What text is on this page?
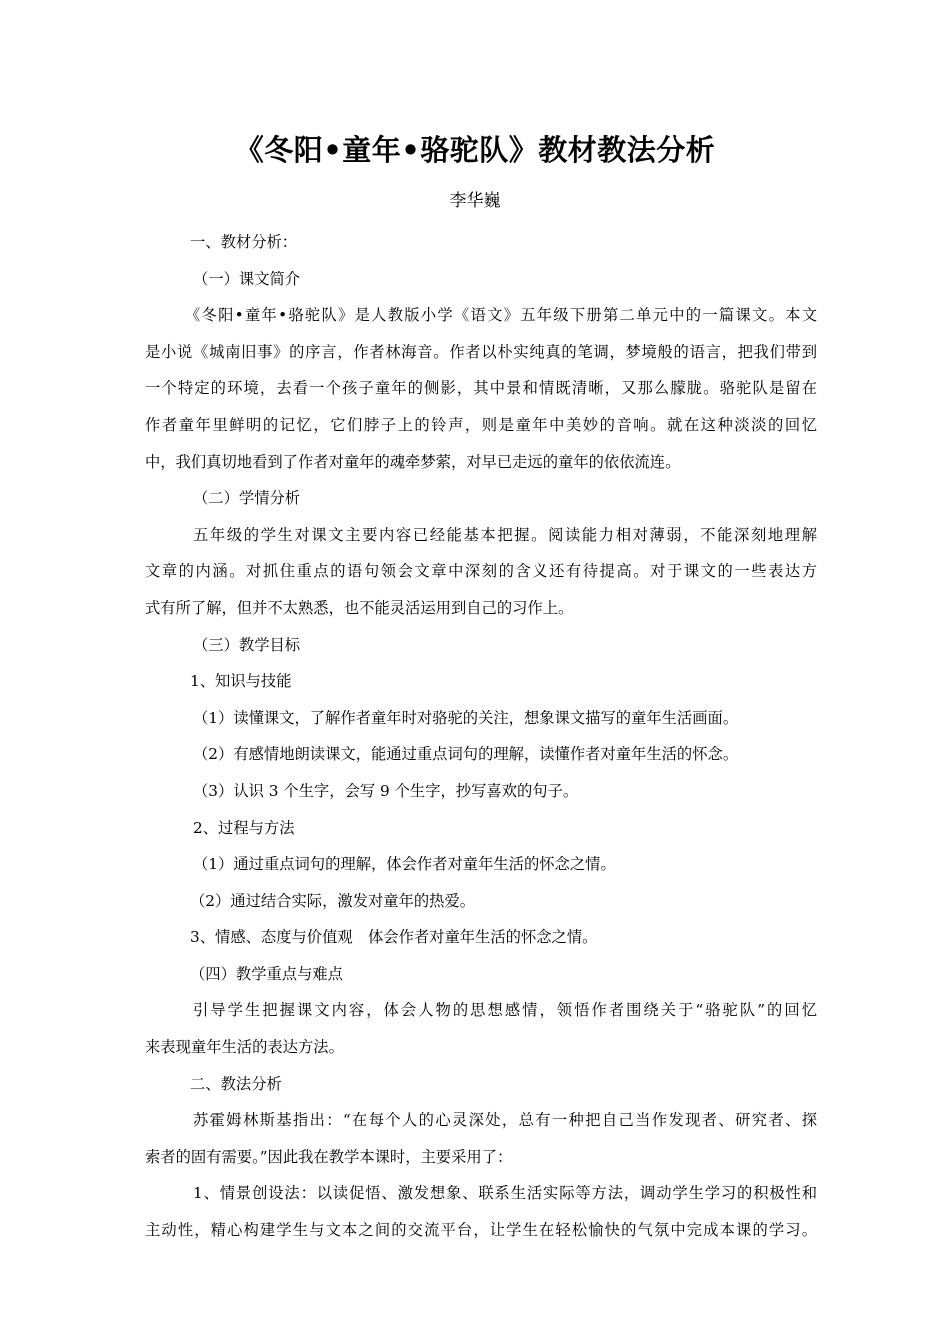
《冬阳•童年•骆驼队》教材教法分析
李华巍

一、教材分析：

（一）课文简介

《冬阳•童年•骆驼队》是人教版小学《语文》五年级下册第二单元中的一篇课文。本文

是小说《城南旧事》的序言，作者林海音。作者以朴实纯真的笔调，梦境般的语言，把我们带到

一个特定的环境，去看一个孩子童年的侧影，其中景和情既清晰，又那么朦胧。骆驼队是留在

作者童年里鲜明的记忆，它们脖子上的铃声，则是童年中美妙的音响。就在这种淡淡的回忆

中，我们真切地看到了作者对童年的魂牵梦萦，对早已走远的童年的依依流连。

（二）学情分析

五年级的学生对课文主要内容已经能基本把握。阅读能力相对薄弱，不能深刻地理解

文章的内涵。对抓住重点的语句领会文章中深刻的含义还有待提高。对于课文的一些表达方

式有所了解，但并不太熟悉，也不能灵活运用到自己的习作上。

（三）教学目标

1、知识与技能

（1）读懂课文，了解作者童年时对骆驼的关注，想象课文描写的童年生活画面。

（2）有感情地朗读课文，能通过重点词句的理解，读懂作者对童年生活的怀念。

（3）认识 3 个生字，会写 9 个生字，抄写喜欢的句子。

2、过程与方法

（1）通过重点词句的理解，体会作者对童年生活的怀念之情。

（2）通过结合实际，激发对童年的热爱。

3、情感、态度与价值观　体会作者对童年生活的怀念之情。

（四）教学重点与难点

引导学生把握课文内容，体会人物的思想感情，领悟作者围绕关于“骆驼队”的回忆

来表现童年生活的表达方法。

二、教法分析

苏霍姆林斯基指出：“在每个人的心灵深处，总有一种把自己当作发现者、研究者、探

索者的固有需要。”因此我在教学本课时，主要采用了：

1、情景创设法：以读促悟、激发想象、联系生活实际等方法，调动学生学习的积极性和

主动性，精心构建学生与文本之间的交流平台，让学生在轻松愉快的气氛中完成本课的学习。
